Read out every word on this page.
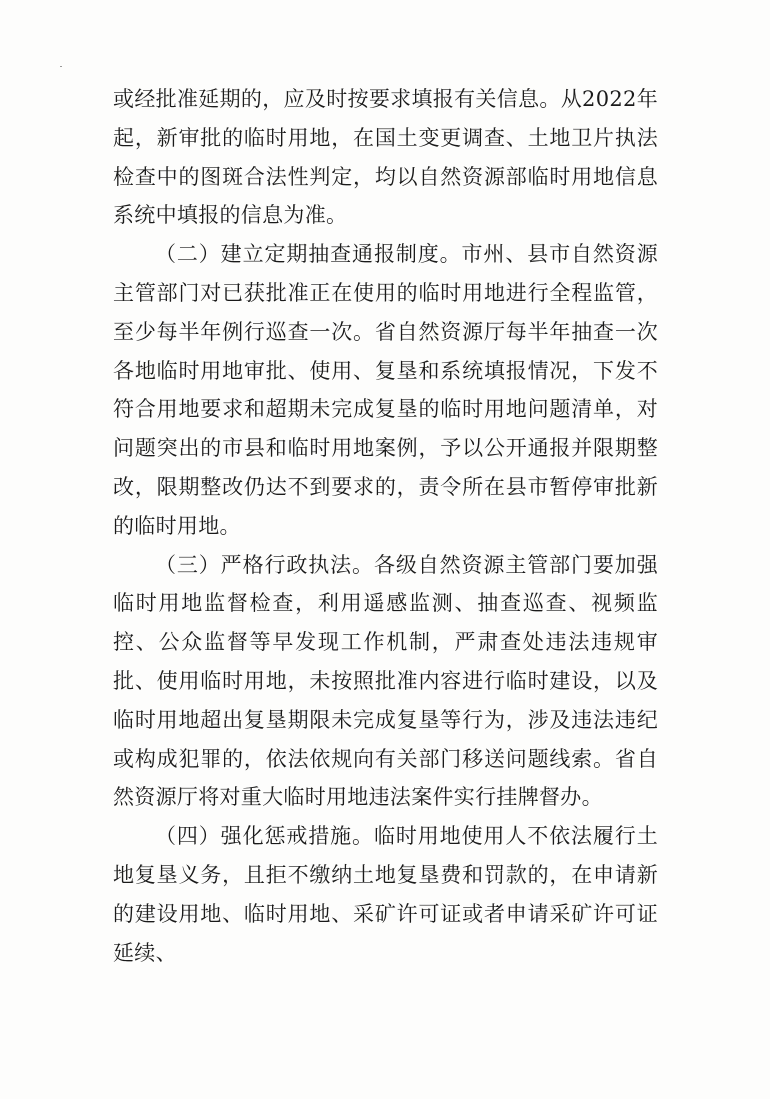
或经批准延期的，应及时按要求填报有关信息。从2022年起，新审批的临时用地，在国土变更调查、土地卫片执法检查中的图斑合法性判定，均以自然资源部临时用地信息系统中填报的信息为准。

（二）建立定期抽查通报制度。市州、县市自然资源主管部门对已获批准正在使用的临时用地进行全程监管，至少每半年例行巡查一次。省自然资源厅每半年抽查一次各地临时用地审批、使用、复垦和系统填报情况，下发不符合用地要求和超期未完成复垦的临时用地问题清单，对问题突出的市县和临时用地案例，予以公开通报并限期整改，限期整改仍达不到要求的，责令所在县市暂停审批新的临时用地。

（三）严格行政执法。各级自然资源主管部门要加强临时用地监督检查，利用遥感监测、抽查巡查、视频监控、公众监督等早发现工作机制，严肃查处违法违规审批、使用临时用地，未按照批准内容进行临时建设，以及临时用地超出复垦期限未完成复垦等行为，涉及违法违纪或构成犯罪的，依法依规向有关部门移送问题线索。省自然资源厅将对重大临时用地违法案件实行挂牌督办。

（四）强化惩戒措施。临时用地使用人不依法履行土地复垦义务，且拒不缴纳土地复垦费和罚款的，在申请新的建设用地、临时用地、采矿许可证或者申请采矿许可证延续、
